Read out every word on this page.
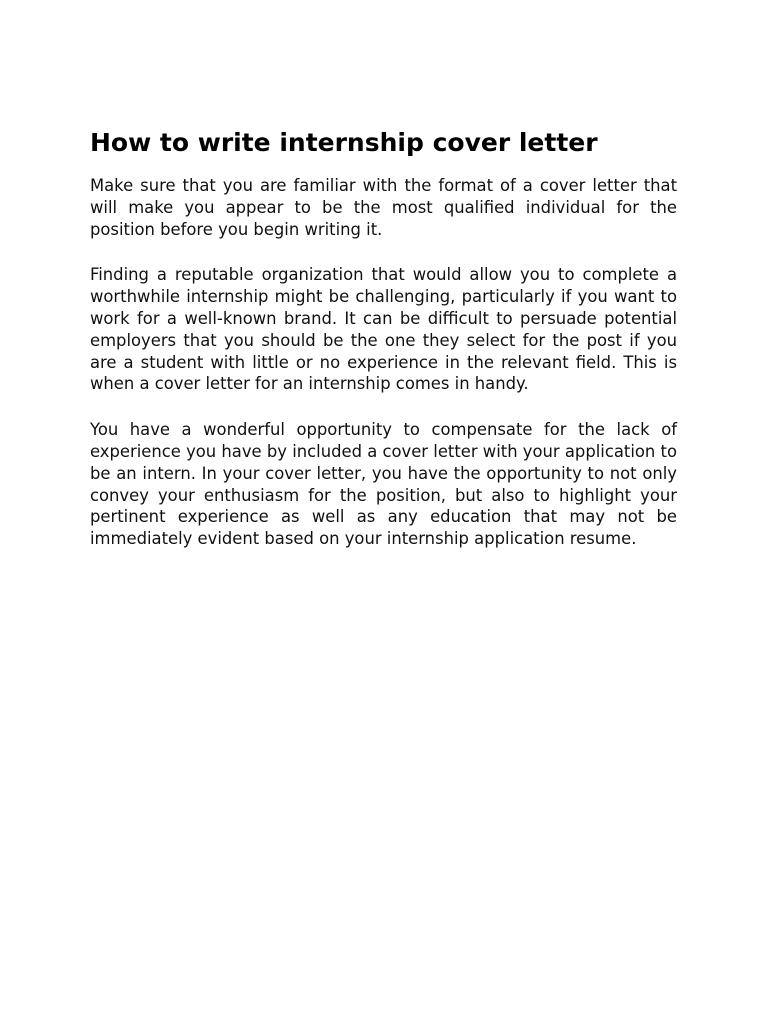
How to write internship cover letter

Make sure that you are familiar with the format of a cover letter that will make you appear to be the most qualified individual for the position before you begin writing it.

Finding a reputable organization that would allow you to complete a worthwhile internship might be challenging, particularly if you want to work for a well-known brand. It can be difficult to persuade potential employers that you should be the one they select for the post if you are a student with little or no experience in the relevant field. This is when a cover letter for an internship comes in handy.

You have a wonderful opportunity to compensate for the lack of experience you have by included a cover letter with your application to be an intern. In your cover letter, you have the opportunity to not only convey your enthusiasm for the position, but also to highlight your pertinent experience as well as any education that may not be immediately evident based on your internship application resume.
